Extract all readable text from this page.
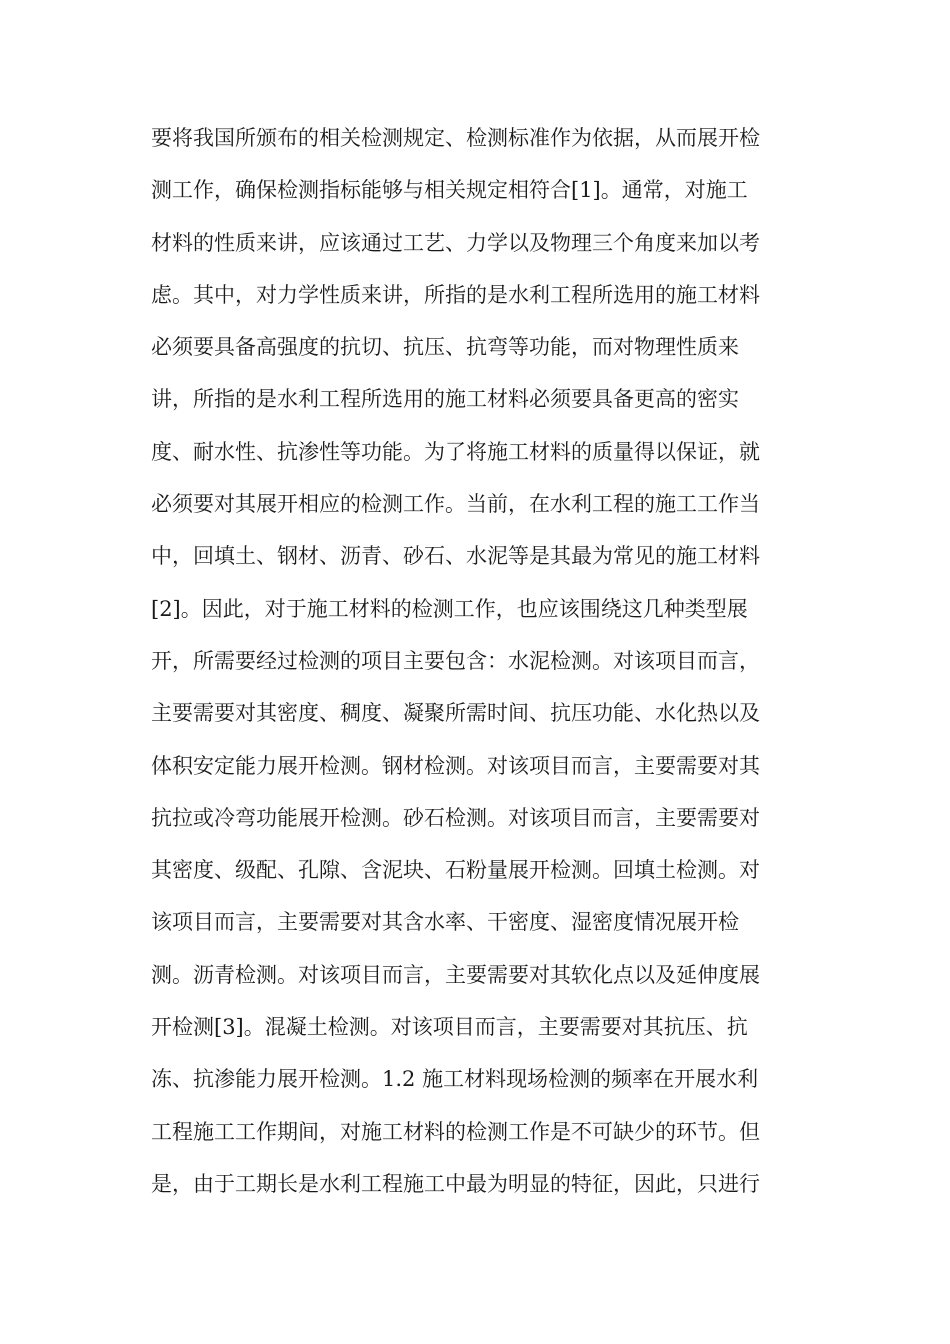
要将我国所颁布的相关检测规定、检测标准作为依据，从而展开检
测工作，确保检测指标能够与相关规定相符合[1]。通常，对施工
材料的性质来讲，应该通过工艺、力学以及物理三个角度来加以考
虑。其中，对力学性质来讲，所指的是水利工程所选用的施工材料
必须要具备高强度的抗切、抗压、抗弯等功能，而对物理性质来
讲，所指的是水利工程所选用的施工材料必须要具备更高的密实
度、耐水性、抗渗性等功能。为了将施工材料的质量得以保证，就
必须要对其展开相应的检测工作。当前，在水利工程的施工工作当
中，回填土、钢材、沥青、砂石、水泥等是其最为常见的施工材料
[2]。因此，对于施工材料的检测工作，也应该围绕这几种类型展
开，所需要经过检测的项目主要包含：水泥检测。对该项目而言，
主要需要对其密度、稠度、凝聚所需时间、抗压功能、水化热以及
体积安定能力展开检测。钢材检测。对该项目而言，主要需要对其
抗拉或冷弯功能展开检测。砂石检测。对该项目而言，主要需要对
其密度、级配、孔隙、含泥块、石粉量展开检测。回填土检测。对
该项目而言，主要需要对其含水率、干密度、湿密度情况展开检
测。沥青检测。对该项目而言，主要需要对其软化点以及延伸度展
开检测[3]。混凝土检测。对该项目而言，主要需要对其抗压、抗
冻、抗渗能力展开检测。1.2 施工材料现场检测的频率在开展水利
工程施工工作期间，对施工材料的检测工作是不可缺少的环节。但
是，由于工期长是水利工程施工中最为明显的特征，因此，只进行
